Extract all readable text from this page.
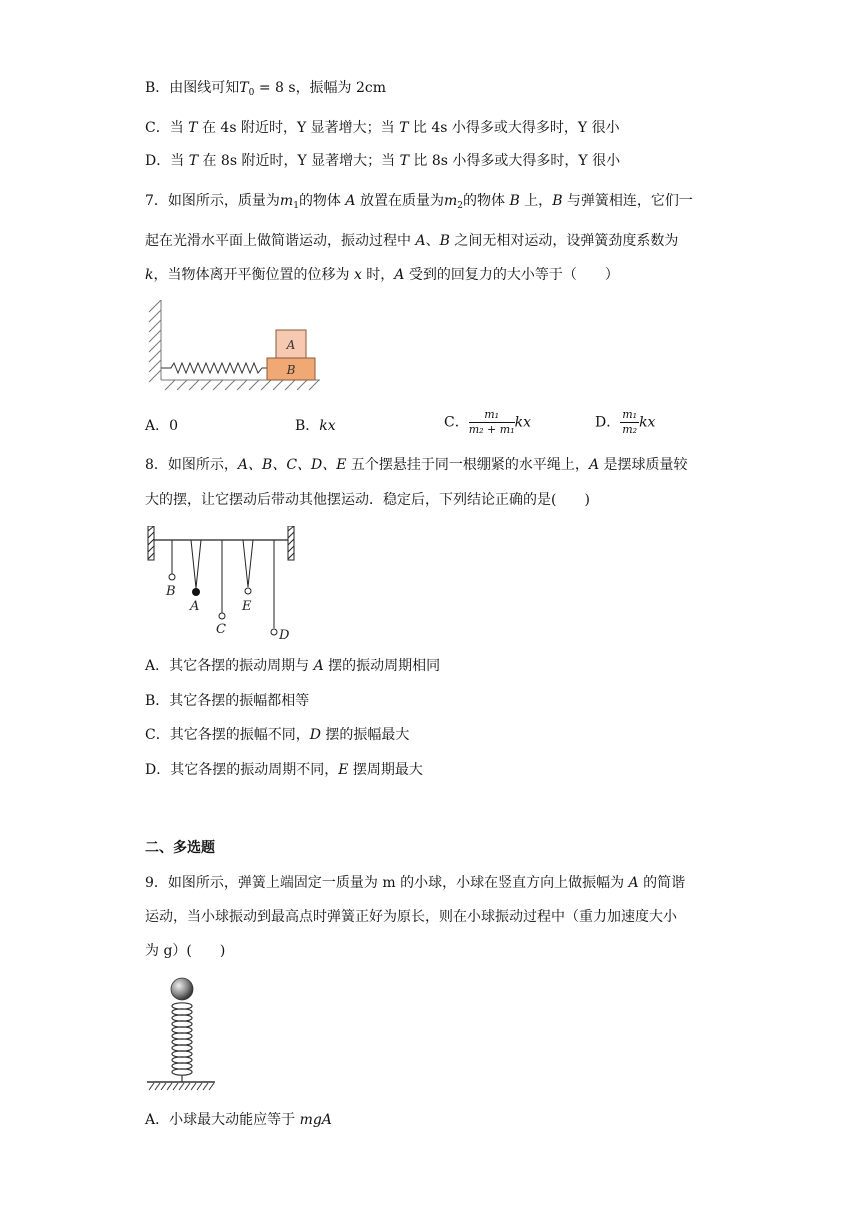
B．由图线可知$T_0 = 8$ s，振幅为 2cm
C．当 T 在 4s 附近时，Y 显著增大；当 T 比 4s 小得多或大得多时，Y 很小
D．当 T 在 8s 附近时，Y 显著增大；当 T 比 8s 小得多或大得多时，Y 很小
7．如图所示，质量为$m_1$的物体 A 放置在质量为$m_2$的物体 B 上，B 与弹簧相连，它们一
起在光滑水平面上做简谐运动，振动过程中 A、B 之间无相对运动，设弹簧劲度系数为
k，当物体离开平衡位置的位移为 x 时，A 受到的回复力的大小等于（　　）
A
B
A．0	B．kx	C． $\frac{\text{m₁}}{\text{m₂ + m₁}}$ kx	D． $\frac{\text{m₁}}{\text{m₂}}$ kx
8．如图所示，A、B、C、D、E 五个摆悬挂于同一根绷紧的水平绳上，A 是摆球质量较
大的摆，让它摆动后带动其他摆运动．稳定后，下列结论正确的是(　　)
B
A
C
E
D
A．其它各摆的振动周期与 A 摆的振动周期相同
B．其它各摆的振幅都相等
C．其它各摆的振幅不同，D 摆的振幅最大
D．其它各摆的振动周期不同，E 摆周期最大
二、多选题
9．如图所示，弹簧上端固定一质量为 m 的小球，小球在竖直方向上做振幅为 A 的简谐
运动，当小球振动到最高点时弹簧正好为原长，则在小球振动过程中（重力加速度大小
为 g）(　　)
A．小球最大动能应等于 mgA
